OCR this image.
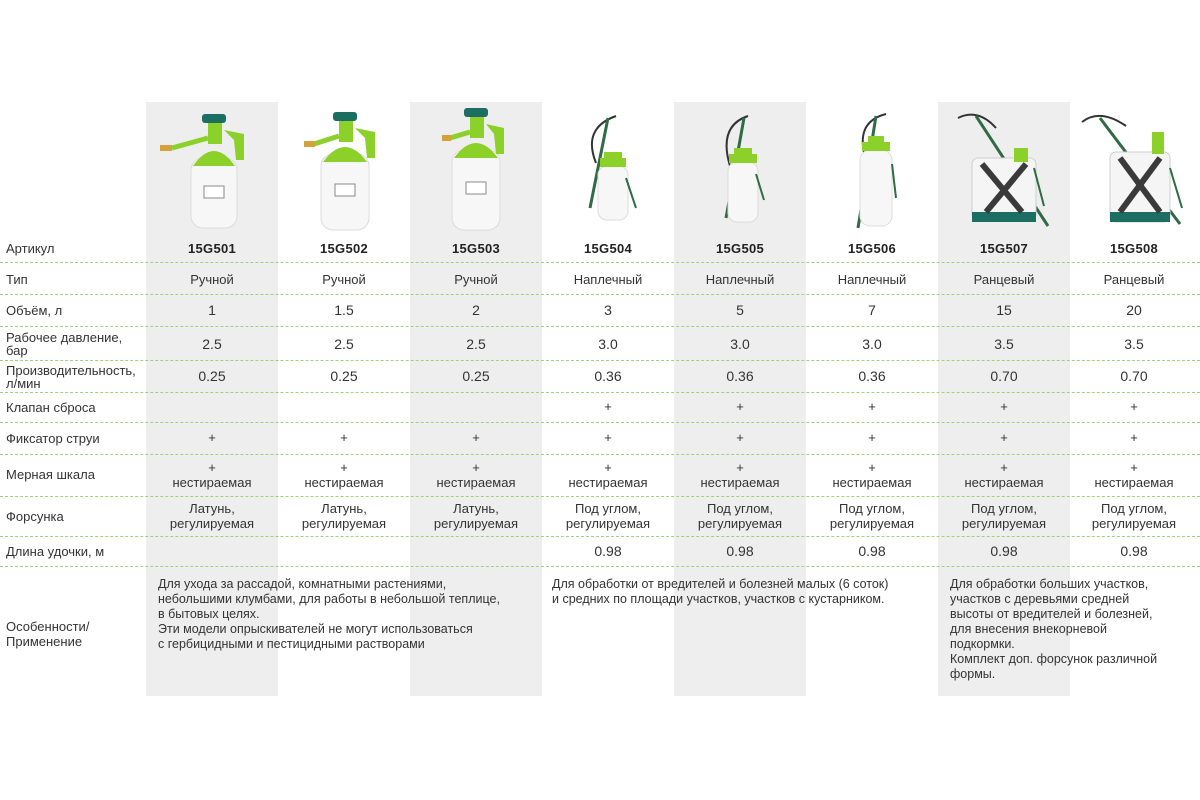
Артикул
Тип
Объём, л
Рабочее давление, бар
Производительность, л/мин
Клапан сброса
Фиксатор струи
Мерная шкала
Форсунка
Длина удочки, м
Особенности/ Применение
15G501
Ручной
1
2.5
0.25
+
+
нестираемая
Латунь,
регулируемая
15G502
Ручной
1.5
2.5
0.25
+
+
нестираемая
Латунь,
регулируемая
15G503
Ручной
2
2.5
0.25
+
+
нестираемая
Латунь,
регулируемая
15G504
Наплечный
3
3.0
0.36
+
+
+
нестираемая
Под углом,
регулируемая
0.98
15G505
Наплечный
5
3.0
0.36
+
+
+
нестираемая
Под углом,
регулируемая
0.98
15G506
Наплечный
7
3.0
0.36
+
+
+
нестираемая
Под углом,
регулируемая
0.98
15G507
Ранцевый
15
3.5
0.70
+
+
+
нестираемая
Под углом,
регулируемая
0.98
15G508
Ранцевый
20
3.5
0.70
+
+
+
нестираемая
Под углом,
регулируемая
0.98
Для ухода за рассадой, комнатными растениями,
небольшими клумбами, для работы в небольшой теплице,
в бытовых целях.
Эти модели опрыскивателей не могут использоваться
с гербицидными и пестицидными растворами
Для обработки от вредителей и болезней малых (6 соток)
и средних по площади участков, участков с кустарником.
Для обработки больших участков,
участков с деревьями средней
высоты от вредителей и болезней,
для внесения внекорневой
подкормки.
Комплект доп. форсунок различной
формы.
